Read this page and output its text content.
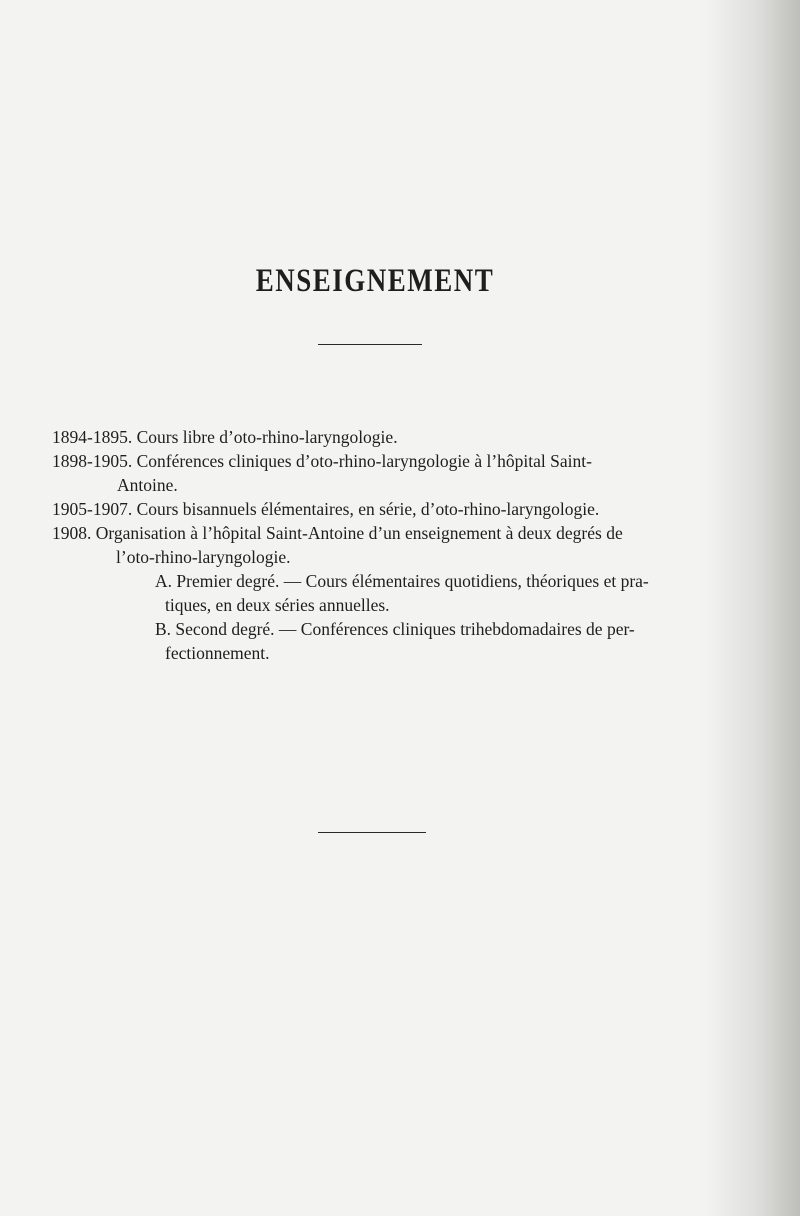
ENSEIGNEMENT
1894-1895. Cours libre d’oto-rhino-laryngologie.
1898-1905. Conférences cliniques d’oto-rhino-laryngologie à l’hôpital Saint-
Antoine.
1905-1907. Cours bisannuels élémentaires, en série, d’oto-rhino-laryngologie.
1908. Organisation à l’hôpital Saint-Antoine d’un enseignement à deux degrés de
l’oto-rhino-laryngologie.
A. Premier degré. — Cours élémentaires quotidiens, théoriques et pra-
tiques, en deux séries annuelles.
B. Second degré. — Conférences cliniques trihebdomadaires de per-
fectionnement.
